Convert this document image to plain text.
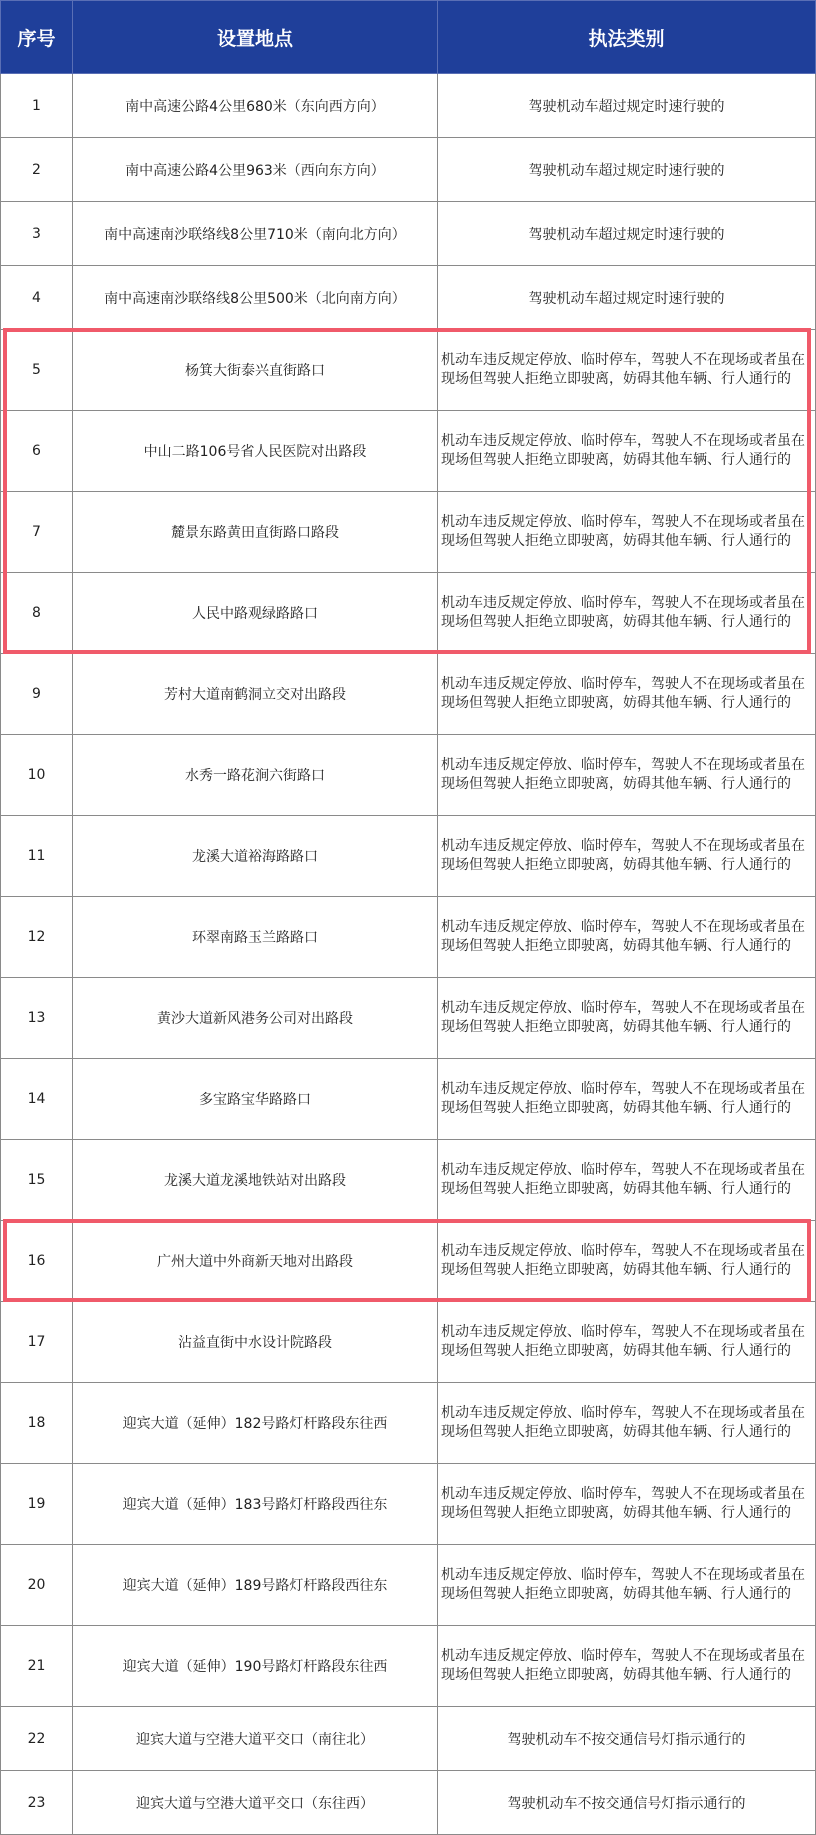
序号	设置地点	执法类别
1	南中高速公路4公里680米（东向西方向）	驾驶机动车超过规定时速行驶的
2	南中高速公路4公里963米（西向东方向）	驾驶机动车超过规定时速行驶的
3	南中高速南沙联络线8公里710米（南向北方向）	驾驶机动车超过规定时速行驶的
4	南中高速南沙联络线8公里500米（北向南方向）	驾驶机动车超过规定时速行驶的
5	杨箕大街泰兴直街路口	机动车违反规定停放、临时停车，驾驶人不在现场或者虽在现场但驾驶人拒绝立即驶离，妨碍其他车辆、行人通行的
6	中山二路106号省人民医院对出路段	机动车违反规定停放、临时停车，驾驶人不在现场或者虽在现场但驾驶人拒绝立即驶离，妨碍其他车辆、行人通行的
7	麓景东路黄田直街路口路段	机动车违反规定停放、临时停车，驾驶人不在现场或者虽在现场但驾驶人拒绝立即驶离，妨碍其他车辆、行人通行的
8	人民中路观绿路路口	机动车违反规定停放、临时停车，驾驶人不在现场或者虽在现场但驾驶人拒绝立即驶离，妨碍其他车辆、行人通行的
9	芳村大道南鹤洞立交对出路段	机动车违反规定停放、临时停车，驾驶人不在现场或者虽在现场但驾驶人拒绝立即驶离，妨碍其他车辆、行人通行的
10	水秀一路花涧六街路口	机动车违反规定停放、临时停车，驾驶人不在现场或者虽在现场但驾驶人拒绝立即驶离，妨碍其他车辆、行人通行的
11	龙溪大道裕海路路口	机动车违反规定停放、临时停车，驾驶人不在现场或者虽在现场但驾驶人拒绝立即驶离，妨碍其他车辆、行人通行的
12	环翠南路玉兰路路口	机动车违反规定停放、临时停车，驾驶人不在现场或者虽在现场但驾驶人拒绝立即驶离，妨碍其他车辆、行人通行的
13	黄沙大道新风港务公司对出路段	机动车违反规定停放、临时停车，驾驶人不在现场或者虽在现场但驾驶人拒绝立即驶离，妨碍其他车辆、行人通行的
14	多宝路宝华路路口	机动车违反规定停放、临时停车，驾驶人不在现场或者虽在现场但驾驶人拒绝立即驶离，妨碍其他车辆、行人通行的
15	龙溪大道龙溪地铁站对出路段	机动车违反规定停放、临时停车，驾驶人不在现场或者虽在现场但驾驶人拒绝立即驶离，妨碍其他车辆、行人通行的
16	广州大道中外商新天地对出路段	机动车违反规定停放、临时停车，驾驶人不在现场或者虽在现场但驾驶人拒绝立即驶离，妨碍其他车辆、行人通行的
17	沾益直街中水设计院路段	机动车违反规定停放、临时停车，驾驶人不在现场或者虽在现场但驾驶人拒绝立即驶离，妨碍其他车辆、行人通行的
18	迎宾大道（延伸）182号路灯杆路段东往西	机动车违反规定停放、临时停车，驾驶人不在现场或者虽在现场但驾驶人拒绝立即驶离，妨碍其他车辆、行人通行的
19	迎宾大道（延伸）183号路灯杆路段西往东	机动车违反规定停放、临时停车，驾驶人不在现场或者虽在现场但驾驶人拒绝立即驶离，妨碍其他车辆、行人通行的
20	迎宾大道（延伸）189号路灯杆路段西往东	机动车违反规定停放、临时停车，驾驶人不在现场或者虽在现场但驾驶人拒绝立即驶离，妨碍其他车辆、行人通行的
21	迎宾大道（延伸）190号路灯杆路段东往西	机动车违反规定停放、临时停车，驾驶人不在现场或者虽在现场但驾驶人拒绝立即驶离，妨碍其他车辆、行人通行的
22	迎宾大道与空港大道平交口（南往北）	驾驶机动车不按交通信号灯指示通行的
23	迎宾大道与空港大道平交口（东往西）	驾驶机动车不按交通信号灯指示通行的
